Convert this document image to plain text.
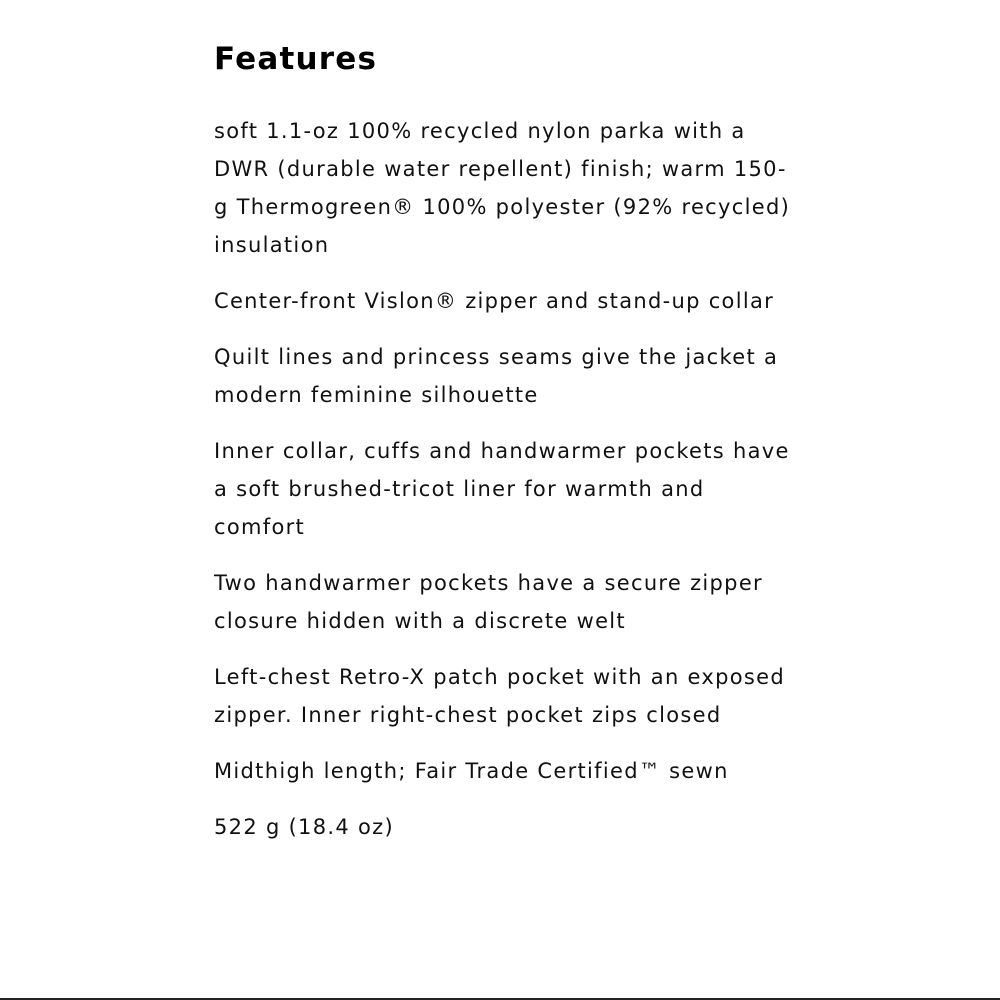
Features
soft 1.1-oz 100% recycled nylon parka with a DWR (durable water repellent) finish; warm 150-g Thermogreen® 100% polyester (92% recycled) insulation
Center-front Vislon® zipper and stand-up collar
Quilt lines and princess seams give the jacket a modern feminine silhouette
Inner collar, cuffs and handwarmer pockets have a soft brushed-tricot liner for warmth and comfort
Two handwarmer pockets have a secure zipper closure hidden with a discrete welt
Left-chest Retro-X patch pocket with an exposed zipper. Inner right-chest pocket zips closed
Midthigh length; Fair Trade Certified™ sewn
522 g (18.4 oz)
